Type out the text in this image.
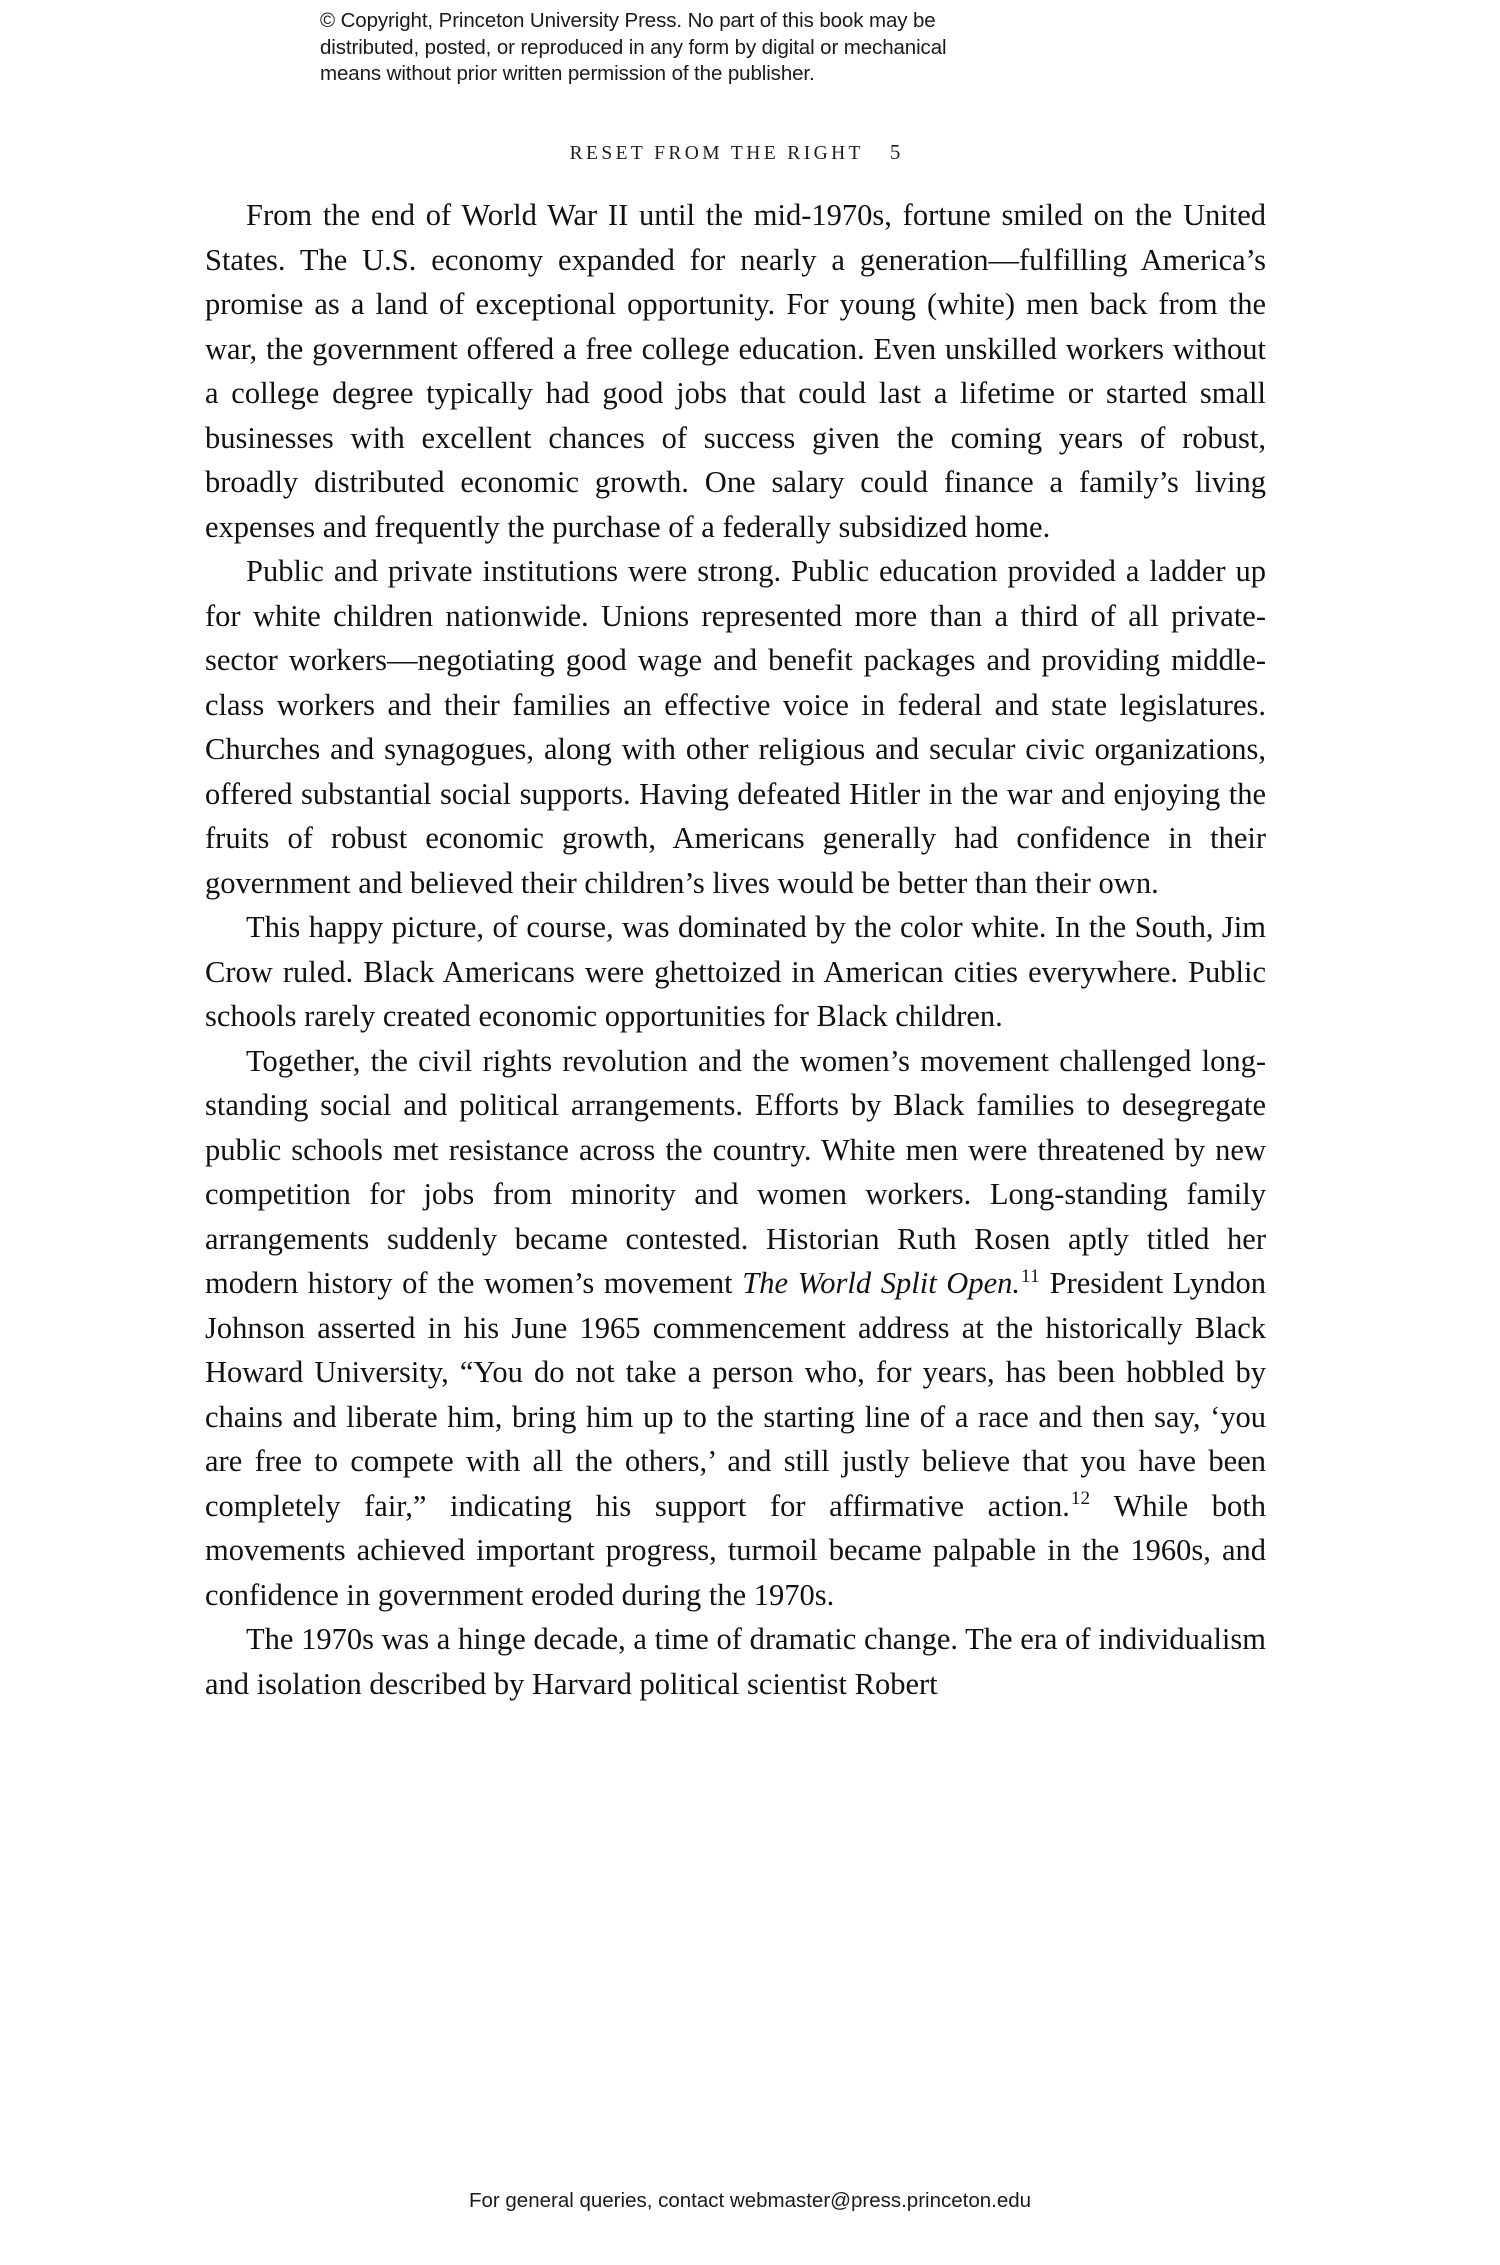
© Copyright, Princeton University Press. No part of this book may be
distributed, posted, or reproduced in any form by digital or mechanical
means without prior written permission of the publisher.
RESET FROM THE RIGHT 5

From the end of World War II until the mid-1970s, fortune smiled on the United States. The U.S. economy expanded for nearly a generation—fulfilling America’s promise as a land of exceptional opportunity. For young (white) men back from the war, the government offered a free college education. Even unskilled workers without a college degree typically had good jobs that could last a lifetime or started small businesses with excellent chances of success given the coming years of robust, broadly distributed economic growth. One salary could finance a family’s living expenses and frequently the purchase of a federally subsidized home.

Public and private institutions were strong. Public education provided a ladder up for white children nationwide. Unions represented more than a third of all private-sector workers—negotiating good wage and benefit packages and providing middle-class workers and their families an effective voice in federal and state legislatures. Churches and synagogues, along with other religious and secular civic organizations, offered substantial social supports. Having defeated Hitler in the war and enjoying the fruits of robust economic growth, Americans generally had confidence in their government and believed their children’s lives would be better than their own.

This happy picture, of course, was dominated by the color white. In the South, Jim Crow ruled. Black Americans were ghettoized in American cities everywhere. Public schools rarely created economic opportunities for Black children.

Together, the civil rights revolution and the women’s movement challenged long-standing social and political arrangements. Efforts by Black families to desegregate public schools met resistance across the country. White men were threatened by new competition for jobs from minority and women workers. Long-standing family arrangements suddenly became contested. Historian Ruth Rosen aptly titled her modern history of the women’s movement The World Split Open.$^{11}$ President Lyndon Johnson asserted in his June 1965 commencement address at the historically Black Howard University, “You do not take a person who, for years, has been hobbled by chains and liberate him, bring him up to the starting line of a race and then say, ‘you are free to compete with all the others,’ and still justly believe that you have been completely fair,” indicating his support for affirmative action.$^{12}$ While both movements achieved important progress, turmoil became palpable in the 1960s, and confidence in government eroded during the 1970s.

The 1970s was a hinge decade, a time of dramatic change. The era of individualism and isolation described by Harvard political scientist Robert

For general queries, contact webmaster@press.princeton.edu
